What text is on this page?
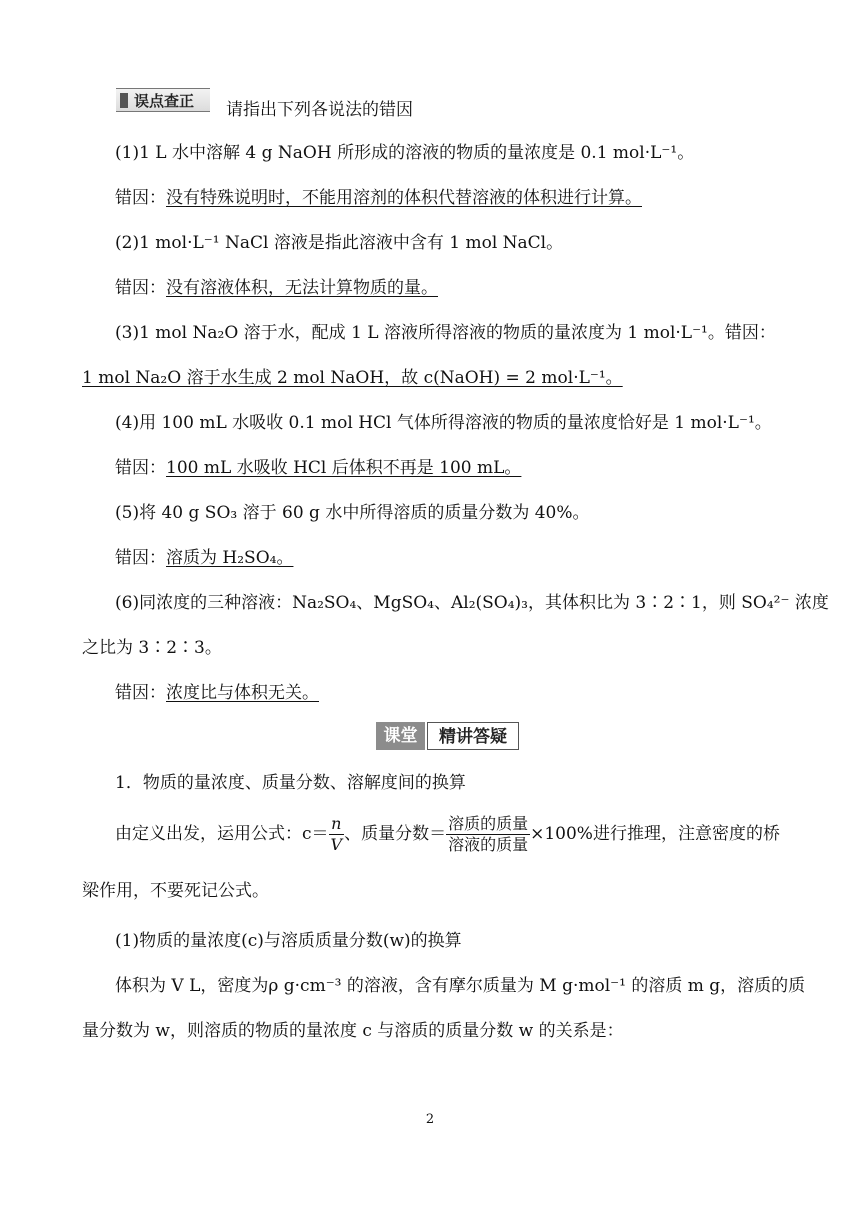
误点查正	请指出下列各说法的错因
(1)1 L 水中溶解 4 g NaOH 所形成的溶液的物质的量浓度是 0.1 mol·L⁻¹。
错因：没有特殊说明时，不能用溶剂的体积代替溶液的体积进行计算。
(2)1 mol·L⁻¹ NaCl 溶液是指此溶液中含有 1 mol NaCl。
错因：没有溶液体积，无法计算物质的量。
(3)1 mol Na₂O 溶于水，配成 1 L 溶液所得溶液的物质的量浓度为 1 mol·L⁻¹。错因：
1 mol Na₂O 溶于水生成 2 mol NaOH，故 c(NaOH) = 2 mol·L⁻¹。
(4)用 100 mL 水吸收 0.1 mol HCl 气体所得溶液的物质的量浓度恰好是 1 mol·L⁻¹。
错因：100 mL 水吸收 HCl 后体积不再是 100 mL。
(5)将 40 g SO₃ 溶于 60 g 水中所得溶质的质量分数为 40%。
错因：溶质为 H₂SO₄。
(6)同浓度的三种溶液：Na₂SO₄、MgSO₄、Al₂(SO₄)₃，其体积比为 3∶2∶1，则 SO₄²⁻ 浓度
之比为 3∶2∶3。
错因：浓度比与体积无关。
课堂	精讲答疑
1．物质的量浓度、质量分数、溶解度间的换算
由定义出发，运用公式：$c= \frac{n}{V}$ 、质量分数＝ $\frac{\text{溶质的质量}}{\text{溶液的质量}} \times 100\%$进行推理，注意密度的桥
梁作用，不要死记公式。
(1)物质的量浓度(c)与溶质质量分数(w)的换算
体积为 V L，密度为ρ g·cm⁻³ 的溶液，含有摩尔质量为 M g·mol⁻¹ 的溶质 m g，溶质的质
量分数为 w，则溶质的物质的量浓度 c 与溶质的质量分数 w 的关系是：
2
